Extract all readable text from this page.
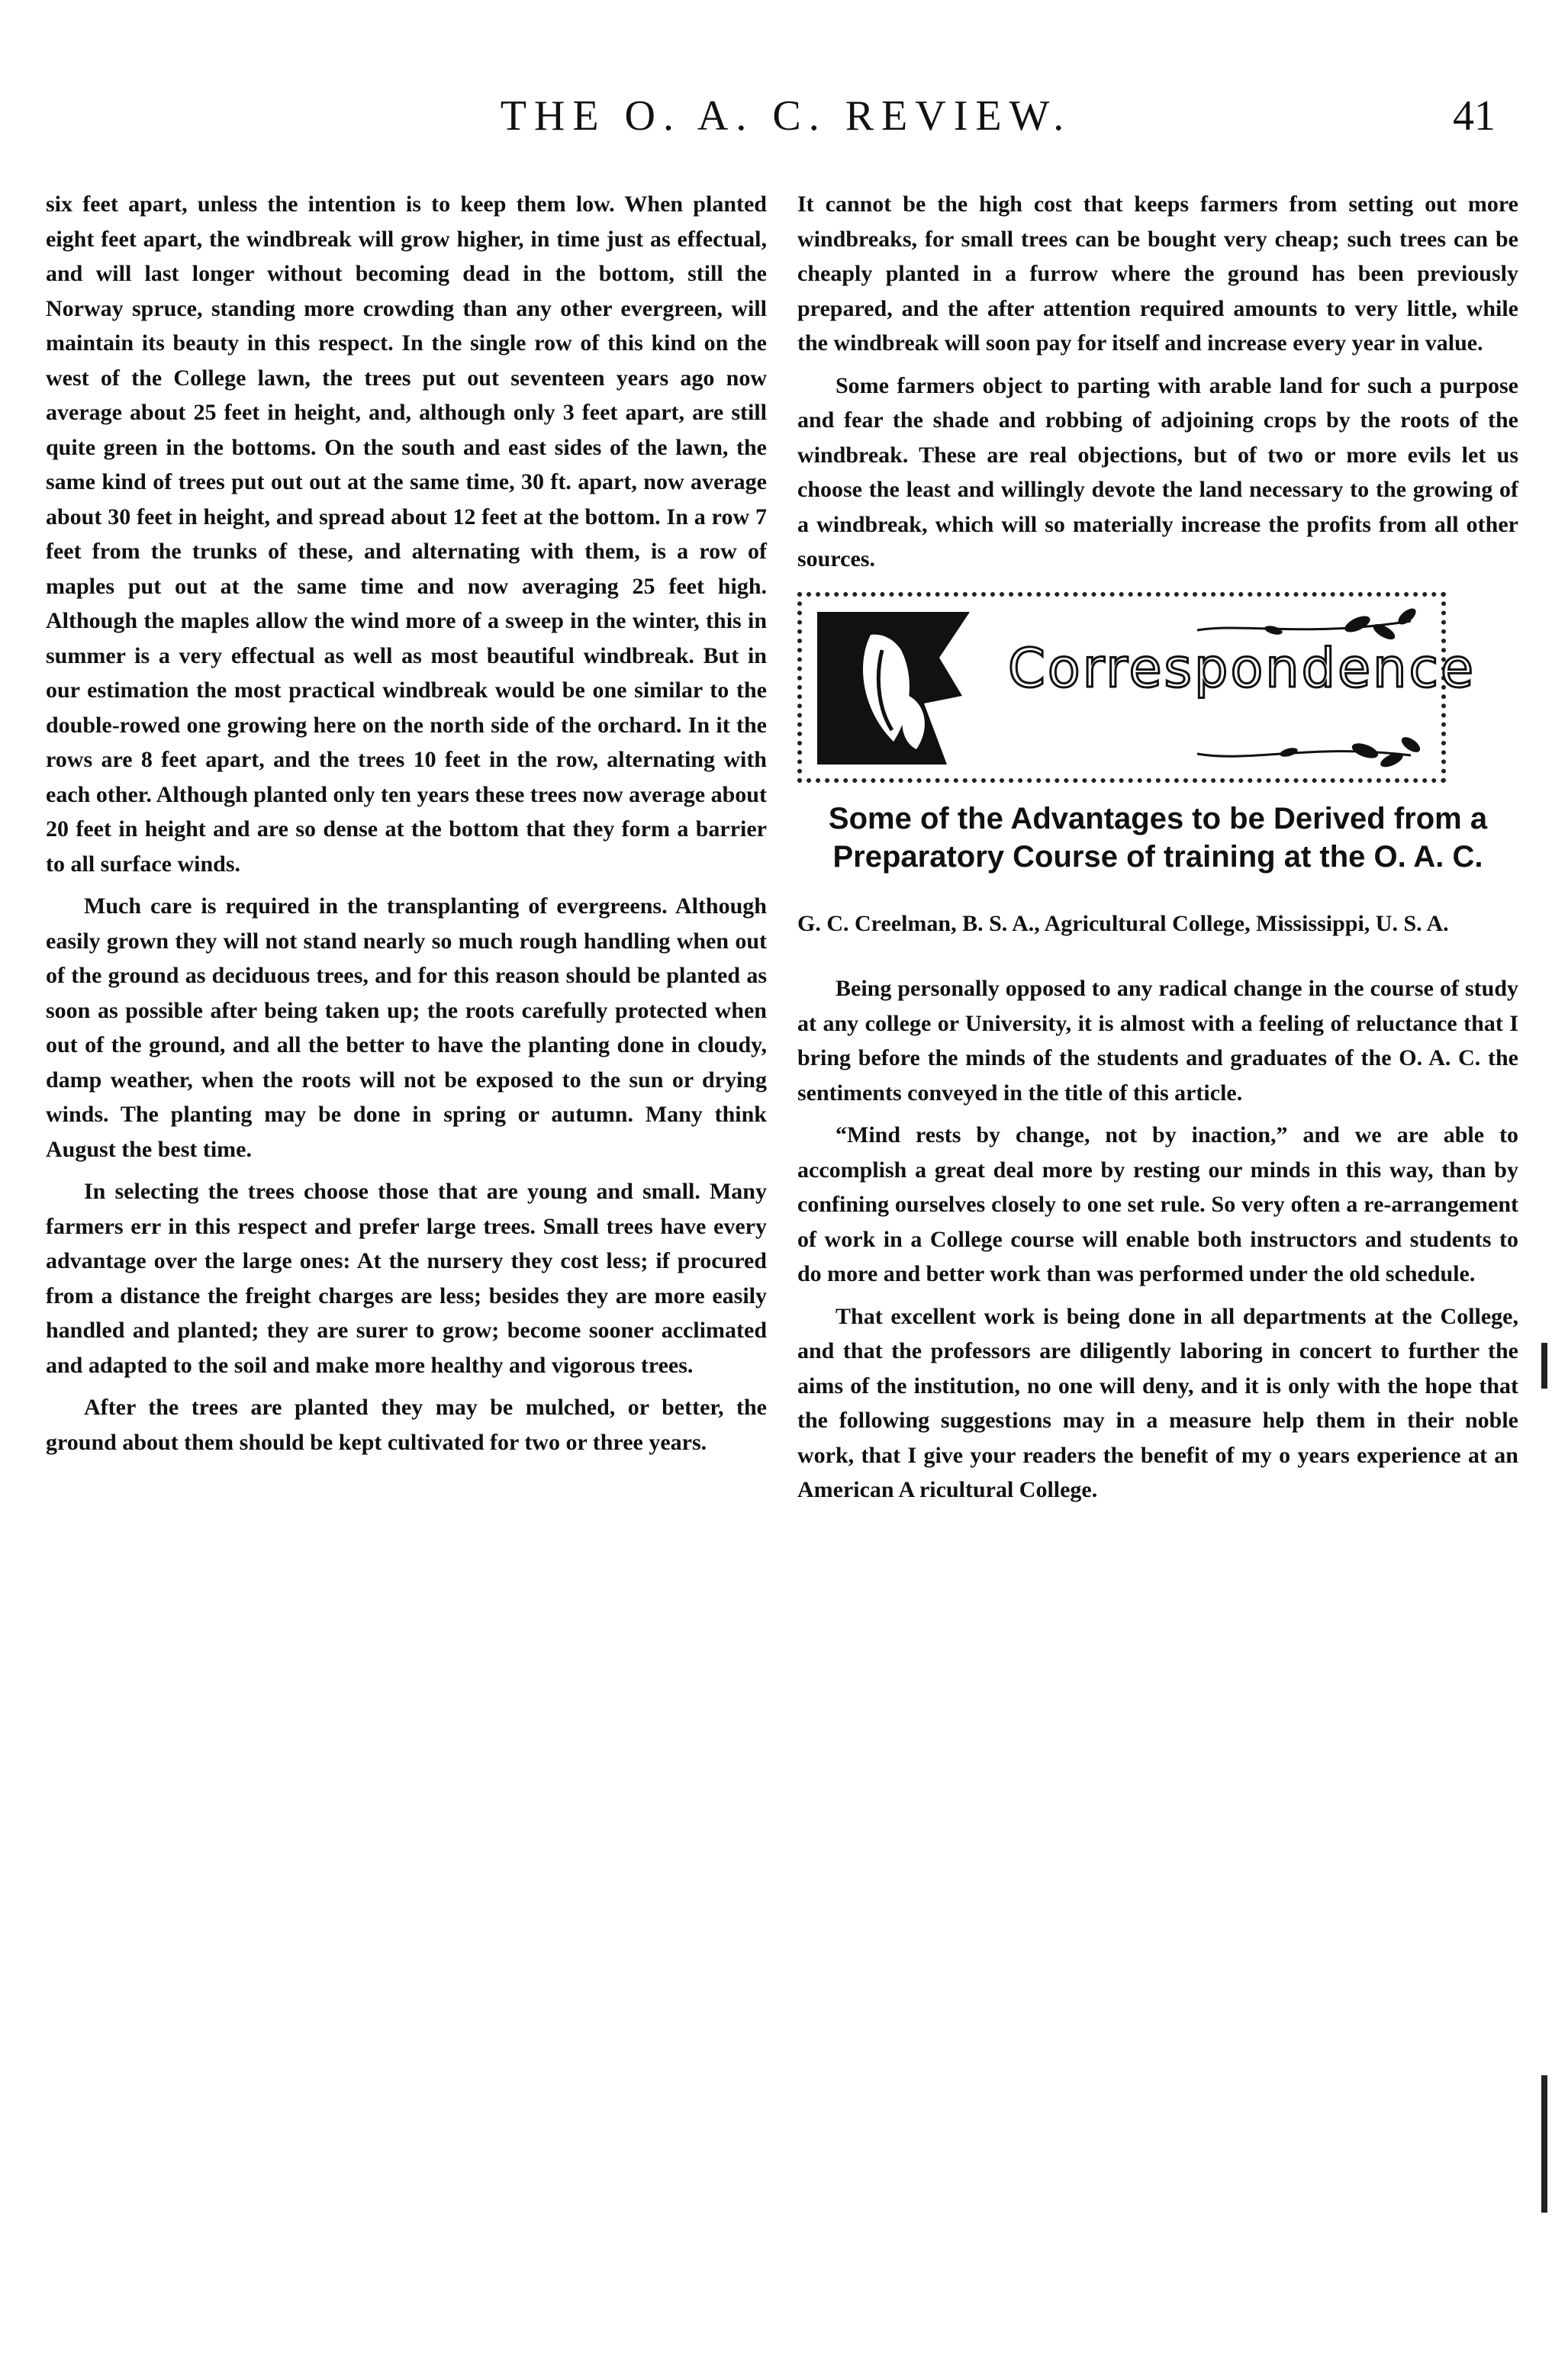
THE O. A. C. REVIEW.	41

six feet apart, unless the intention is to keep them low. When planted eight feet apart, the windbreak will grow higher, in time just as effectual, and will last longer without becoming dead in the bottom, still the Norway spruce, standing more crowding than any other evergreen, will maintain its beauty in this respect. In the single row of this kind on the west of the College lawn, the trees put out seventeen years ago now average about 25 feet in height, and, although only 3 feet apart, are still quite green in the bottoms. On the south and east sides of the lawn, the same kind of trees put out out at the same time, 30 ft. apart, now average about 30 feet in height, and spread about 12 feet at the bottom. In a row 7 feet from the trunks of these, and alternating with them, is a row of maples put out at the same time and now averaging 25 feet high. Although the maples allow the wind more of a sweep in the winter, this in summer is a very effectual as well as most beautiful windbreak. But in our estimation the most practical windbreak would be one similar to the double-rowed one growing here on the north side of the orchard. In it the rows are 8 feet apart, and the trees 10 feet in the row, alternating with each other. Although planted only ten years these trees now average about 20 feet in height and are so dense at the bottom that they form a barrier to all surface winds.

Much care is required in the transplanting of evergreens. Although easily grown they will not stand nearly so much rough handling when out of the ground as deciduous trees, and for this reason should be planted as soon as possible after being taken up; the roots carefully protected when out of the ground, and all the better to have the planting done in cloudy, damp weather, when the roots will not be exposed to the sun or drying winds. The planting may be done in spring or autumn. Many think August the best time.

In selecting the trees choose those that are young and small. Many farmers err in this respect and prefer large trees. Small trees have every advantage over the large ones: At the nursery they cost less; if procured from a distance the freight charges are less; besides they are more easily handled and planted; they are surer to grow; become sooner acclimated and adapted to the soil and make more healthy and vigorous trees.

After the trees are planted they may be mulched, or better, the ground about them should be kept cultivated for two or three years.

It cannot be the high cost that keeps farmers from setting out more windbreaks, for small trees can be bought very cheap; such trees can be cheaply planted in a furrow where the ground has been previously prepared, and the after attention required amounts to very little, while the windbreak will soon pay for itself and increase every year in value.

Some farmers object to parting with arable land for such a purpose and fear the shade and robbing of adjoining crops by the roots of the windbreak. These are real objections, but of two or more evils let us choose the least and willingly devote the land necessary to the growing of a windbreak, which will so materially increase the profits from all other sources.

Correspondence
Some of the Advantages to be Derived from a Preparatory Course of training at the O. A. C.

G. C. Creelman, B. S. A., Agricultural College, Mississippi, U. S. A.

Being personally opposed to any radical change in the course of study at any college or University, it is almost with a feeling of reluctance that I bring before the minds of the students and graduates of the O. A. C. the sentiments conveyed in the title of this article.

“Mind rests by change, not by inaction,” and we are able to accomplish a great deal more by resting our minds in this way, than by confining ourselves closely to one set rule. So very often a re-arrangement of work in a College course will enable both instructors and students to do more and better work than was performed under the old schedule.

That excellent work is being done in all departments at the College, and that the professors are diligently laboring in concert to further the aims of the institution, no one will deny, and it is only with the hope that the following suggestions may in a measure help them in their noble work, that I give your readers the benefit of my o years experience at an American A ricultural College.
